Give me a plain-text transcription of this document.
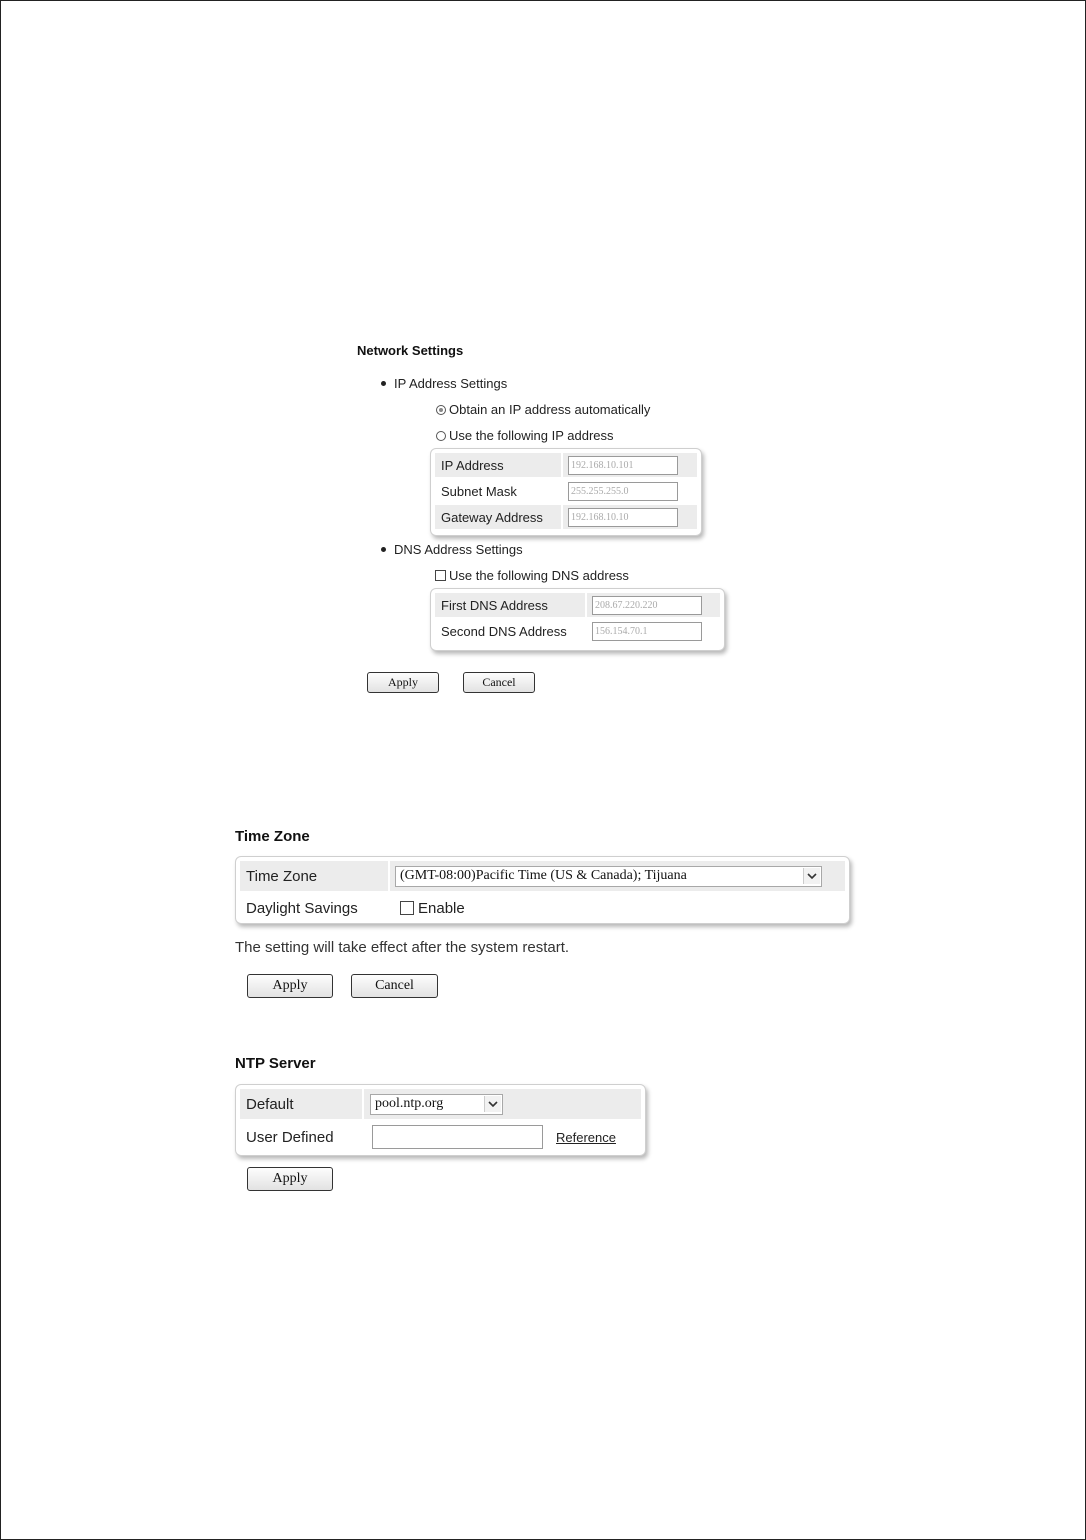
Network Settings
IP Address Settings
Obtain an IP address automatically
Use the following IP address
IP Address	192.168.10.101
Subnet Mask	255.255.255.0
Gateway Address	192.168.10.10
DNS Address Settings
Use the following DNS address
First DNS Address	208.67.220.220
Second DNS Address	156.154.70.1
Apply	Cancel
Time Zone
Time Zone	(GMT-08:00)Pacific Time (US & Canada); Tijuana
Daylight Savings	Enable
The setting will take effect after the system restart.
Apply	Cancel
NTP Server
Default	pool.ntp.org
User Defined	Reference
Apply
